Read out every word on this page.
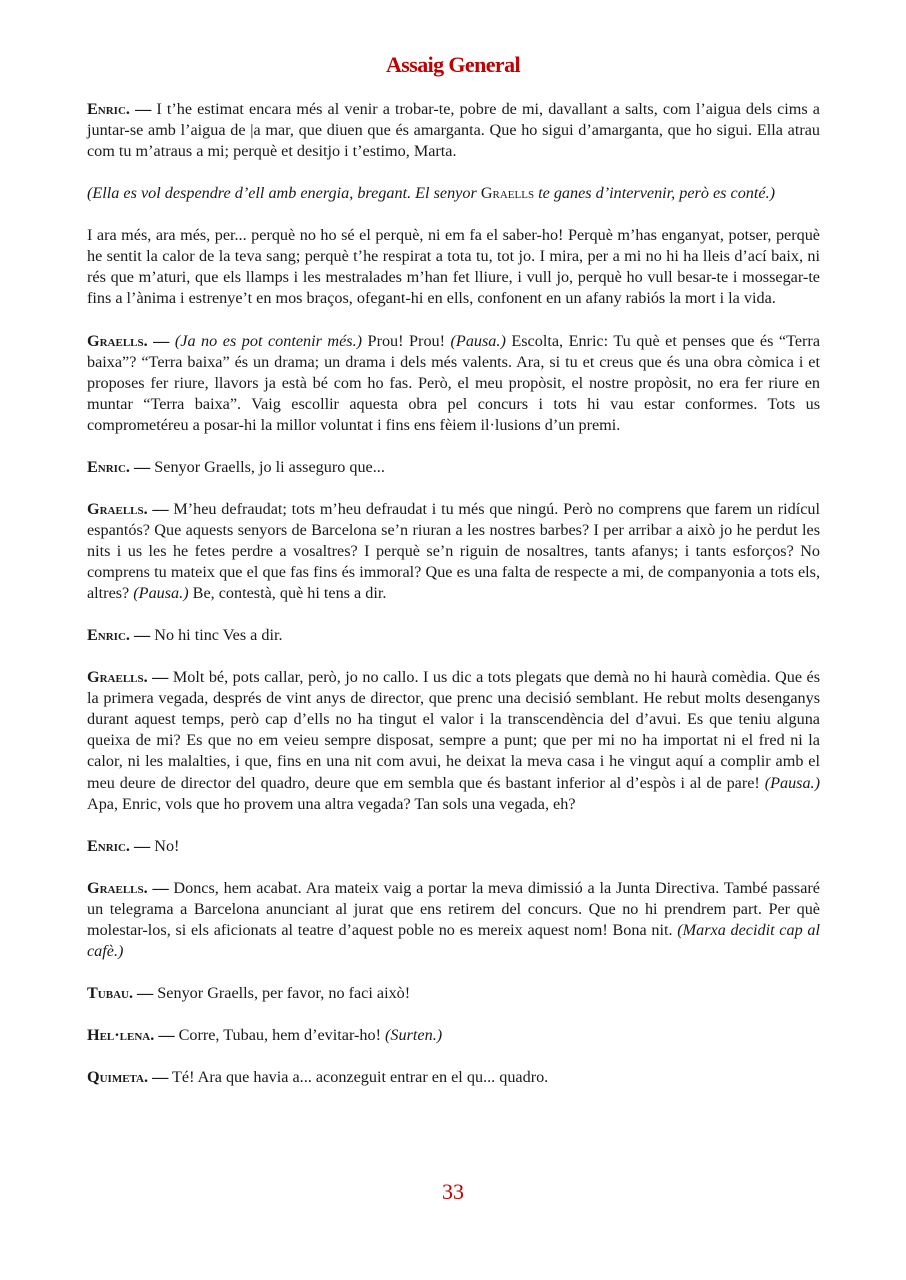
Assaig General

Enric. — I t’he estimat encara més al venir a trobar-te, pobre de mi, davallant a salts, com l’aigua dels cims a juntar-se amb l’aigua de |a mar, que diuen que és amarganta. Que ho sigui d’amarganta, que ho sigui. Ella atrau com tu m’atraus a mi; perquè et desitjo i t’estimo, Marta.

(Ella es vol despendre d’ell amb energia, bregant. El senyor Graells te ganes d’intervenir, però es conté.)

I ara més, ara més, per... perquè no ho sé el perquè, ni em fa el saber-ho! Perquè m’has enganyat, potser, perquè he sentit la calor de la teva sang; perquè t’he respirat a tota tu, tot jo. I mira, per a mi no hi ha lleis d’ací baix, ni rés que m’aturi, que els llamps i les mestralades m’han fet lliure, i vull jo, perquè ho vull besar-te i mossegar-te fins a l’ànima i estrenye’t en mos braços, ofegant-hi en ells, confonent en un afany rabiós la mort i la vida.

Graells. — (Ja no es pot contenir més.) Prou! Prou! (Pausa.) Escolta, Enric: Tu què et penses que és “Terra baixa”? “Terra baixa” és un drama; un drama i dels més valents. Ara, si tu et creus que és una obra còmica i et proposes fer riure, llavors ja està bé com ho fas. Però, el meu propòsit, el nostre propòsit, no era fer riure en muntar “Terra baixa”. Vaig escollir aquesta obra pel concurs i tots hi vau estar conformes. Tots us comprometéreu a posar-hi la millor voluntat i fins ens fèiem il·lusions d’un premi.

Enric. — Senyor Graells, jo li asseguro que...

Graells. — M’heu defraudat; tots m’heu defraudat i tu més que ningú. Però no comprens que farem un ridícul espantós? Que aquests senyors de Barcelona se’n riuran a les nostres barbes? I per arribar a això jo he perdut les nits i us les he fetes perdre a vosaltres? I perquè se’n riguin de nosaltres, tants afanys; i tants esforços? No comprens tu mateix que el que fas fins és immoral? Que es una falta de respecte a mi, de companyonia a tots els, altres? (Pausa.) Be, contestà, què hi tens a dir.

Enric. — No hi tinc Ves a dir.

Graells. — Molt bé, pots callar, però, jo no callo. I us dic a tots plegats que demà no hi haurà comèdia. Que és la primera vegada, després de vint anys de director, que prenc una decisió semblant. He rebut molts desenganys durant aquest temps, però cap d’ells no ha tingut el valor i la transcendència del d’avui. Es que teniu alguna queixa de mi? Es que no em veieu sempre disposat, sempre a punt; que per mi no ha importat ni el fred ni la calor, ni les malalties, i que, fins en una nit com avui, he deixat la meva casa i he vingut aquí a complir amb el meu deure de director del quadro, deure que em sembla que és bastant inferior al d’espòs i al de pare! (Pausa.) Apa, Enric, vols que ho provem una altra vegada? Tan sols una vegada, eh?

Enric. — No!

Graells. — Doncs, hem acabat. Ara mateix vaig a portar la meva dimissió a la Junta Directiva. També passaré un telegrama a Barcelona anunciant al jurat que ens retirem del concurs. Que no hi prendrem part. Per què molestar-los, si els aficionats al teatre d’aquest poble no es mereix aquest nom! Bona nit. (Marxa decidit cap al cafè.)

Tubau. — Senyor Graells, per favor, no faci això!

Hel·lena. — Corre, Tubau, hem d’evitar-ho! (Surten.)

Quimeta. — Té! Ara que havia a... aconzeguit entrar en el qu... quadro.

33
